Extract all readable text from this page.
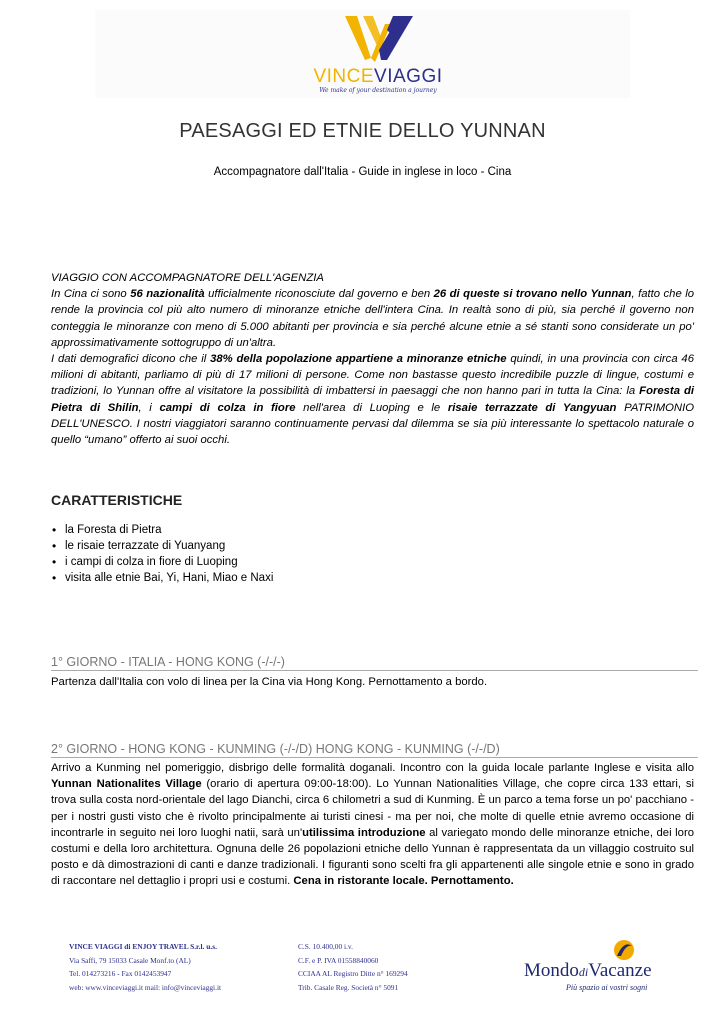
VINCEVIAGGI
We make of your destination a journey
PAESAGGI ED ETNIE DELLO YUNNAN
Accompagnatore dall'Italia - Guide in inglese in loco - Cina

VIAGGIO CON ACCOMPAGNATORE DELL'AGENZIA

In Cina ci sono 56 nazionalità ufficialmente riconosciute dal governo e ben 26 di queste si trovano nello Yunnan, fatto che lo rende la provincia col più alto numero di minoranze etniche dell'intera Cina. In realtà sono di più, sia perché il governo non conteggia le minoranze con meno di 5.000 abitanti per provincia e sia perché alcune etnie a sé stanti sono considerate un po' approssimativamente sottogruppo di un'altra.

I dati demografici dicono che il 38% della popolazione appartiene a minoranze etniche quindi, in una provincia con circa 46 milioni di abitanti, parliamo di più di 17 milioni di persone. Come non bastasse questo incredibile puzzle di lingue, costumi e tradizioni, lo Yunnan offre al visitatore la possibilità di imbattersi in paesaggi che non hanno pari in tutta la Cina: la Foresta di Pietra di Shilin, i campi di colza in fiore nell'area di Luoping e le risaie terrazzate di Yangyuan PATRIMONIO DELL'UNESCO. I nostri viaggiatori saranno continuamente pervasi dal dilemma se sia più interessante lo spettacolo naturale o quello “umano” offerto ai suoi occhi.

CARATTERISTICHE
• la Foresta di Pietra
• le risaie terrazzate di Yuanyang
• i campi di colza in fiore di Luoping
• visita alle etnie Bai, Yi, Hani, Miao e Naxi
1° GIORNO - ITALIA - HONG KONG (-/-/-)
Partenza dall'Italia con volo di linea per la Cina via Hong Kong. Pernottamento a bordo.
2° GIORNO - HONG KONG - KUNMING (-/-/D) HONG KONG - KUNMING (-/-/D)
Arrivo a Kunming nel pomeriggio, disbrigo delle formalità doganali. Incontro con la guida locale parlante Inglese e visita allo Yunnan Nationalites Village (orario di apertura 09:00-18:00). Lo Yunnan Nationalities Village, che copre circa 133 ettari, si trova sulla costa nord-orientale del lago Dianchi, circa 6 chilometri a sud di Kunming. È un parco a tema forse un po' pacchiano - per i nostri gusti visto che è rivolto principalmente ai turisti cinesi - ma per noi, che molte di quelle etnie avremo occasione di incontrarle in seguito nei loro luoghi natii, sarà un'utilissima introduzione al variegato mondo delle minoranze etniche, dei loro costumi e della loro architettura. Ognuna delle 26 popolazioni etniche dello Yunnan è rappresentata da un villaggio costruito sul posto e dà dimostrazioni di canti e danze tradizionali. I figuranti sono scelti fra gli appartenenti alle singole etnie e sono in grado di raccontare nel dettaglio i propri usi e costumi. Cena in ristorante locale. Pernottamento.
VINCE VIAGGI di ENJOY TRAVEL S.r.l. u.s.
Via Saffi, 79 15033 Casale Monf.to (AL)
Tel. 014273216 - Fax 0142453947
web: www.vinceviaggi.it mail: info@vinceviaggi.it
C.S. 10.400,00 i.v.
C.F. e P. IVA 01558840060
CCIAA AL Registro Ditte n° 169294
Trib. Casale Reg. Società n° 5091
MondodiVacanze
Più spazio ai vostri sogni
